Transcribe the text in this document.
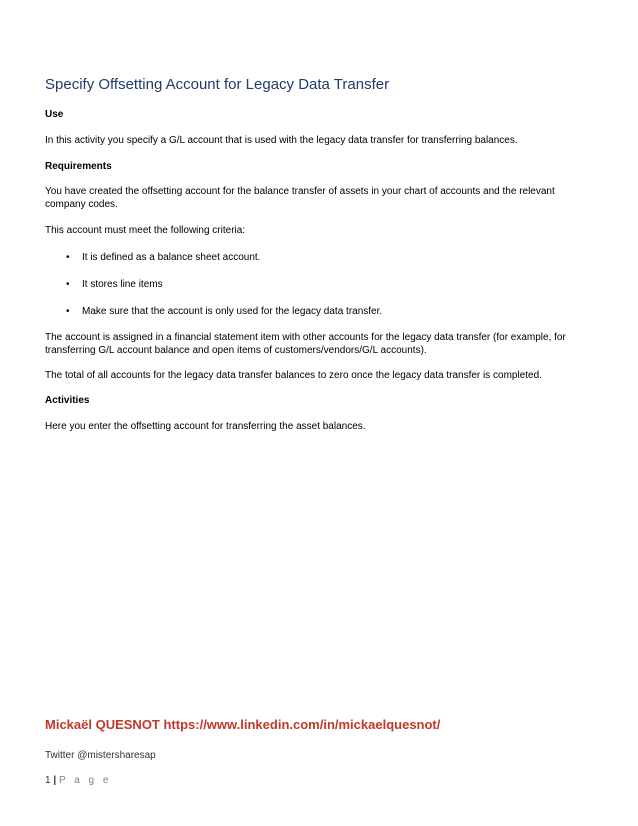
Specify Offsetting Account for Legacy Data Transfer
Use
In this activity you specify a G/L account that is used with the legacy data transfer for transferring balances.
Requirements
You have created the offsetting account for the balance transfer of assets in your chart of accounts and the relevant company codes.
This account must meet the following criteria:
• It is defined as a balance sheet account.
• It stores line items
• Make sure that the account is only used for the legacy data transfer.
The account is assigned in a financial statement item with other accounts for the legacy data transfer (for example, for transferring G/L account balance and open items of customers/vendors/G/L accounts).
The total of all accounts for the legacy data transfer balances to zero once the legacy data transfer is completed.
Activities
Here you enter the offsetting account for transferring the asset balances.
Mickaël QUESNOT https://www.linkedin.com/in/mickaelquesnot/
Twitter @mistersharesap
1 | P a g e
